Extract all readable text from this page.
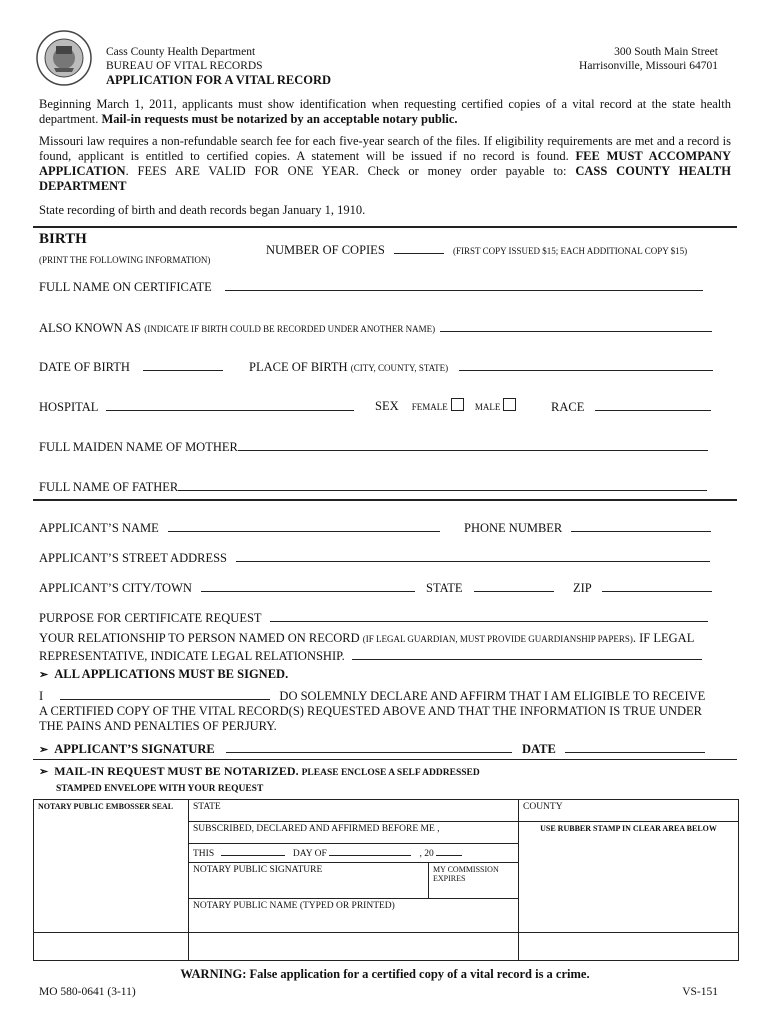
Cass County Health Department
BUREAU OF VITAL RECORDS
APPLICATION FOR A VITAL RECORD
300 South Main Street
Harrisonville, Missouri 64701

Beginning March 1, 2011, applicants must show identification when requesting certified copies of a vital record at the state health department. Mail-in requests must be notarized by an acceptable notary public.

Missouri law requires a non-refundable search fee for each five-year search of the files. If eligibility requirements are met and a record is found, applicant is entitled to certified copies. A statement will be issued if no record is found. FEE MUST ACCOMPANY APPLICATION. FEES ARE VALID FOR ONE YEAR. Check or money order payable to: CASS COUNTY HEALTH DEPARTMENT

State recording of birth and death records began January 1, 1910.

BIRTH
(PRINT THE FOLLOWING INFORMATION)
NUMBER OF COPIES	(FIRST COPY ISSUED $15; EACH ADDITIONAL COPY $15)
FULL NAME ON CERTIFICATE
ALSO KNOWN AS (INDICATE IF BIRTH COULD BE RECORDED UNDER ANOTHER NAME)
DATE OF BIRTH	PLACE OF BIRTH (CITY, COUNTY, STATE)
HOSPITAL	SEX FEMALE	MALE	RACE
FULL MAIDEN NAME OF MOTHER
FULL NAME OF FATHER
APPLICANT’S NAME	PHONE NUMBER
APPLICANT’S STREET ADDRESS
APPLICANT’S CITY/TOWN	STATE	ZIP
PURPOSE FOR CERTIFICATE REQUEST
YOUR RELATIONSHIP TO PERSON NAMED ON RECORD (IF LEGAL GUARDIAN, MUST PROVIDE GUARDIANSHIP PAPERS). IF LEGAL
REPRESENTATIVE, INDICATE LEGAL RELATIONSHIP.
➢ ALL APPLICATIONS MUST BE SIGNED.
I	DO SOLEMNLY DECLARE AND AFFIRM THAT I AM ELIGIBLE TO RECEIVE
A CERTIFIED COPY OF THE VITAL RECORD(S) REQUESTED ABOVE AND THAT THE INFORMATION IS TRUE UNDER
THE PAINS AND PENALTIES OF PERJURY.
➢ APPLICANT’S SIGNATURE	DATE
➢ MAIL-IN REQUEST MUST BE NOTARIZED. PLEASE ENCLOSE A SELF ADDRESSED
STAMPED ENVELOPE WITH YOUR REQUEST
NOTARY PUBLIC EMBOSSER SEAL	STATE		COUNTY
	SUBSCRIBED, DECLARED AND AFFIRMED BEFORE ME ,		USE RUBBER STAMP IN CLEAR AREA BELOW
	THIS DAY OF , 20		
	NOTARY PUBLIC SIGNATURE	MY COMMISSION EXPIRES	
	NOTARY PUBLIC NAME (TYPED OR PRINTED)		

WARNING: False application for a certified copy of a vital record is a crime.
MO 580-0641 (3-11)	VS-151
